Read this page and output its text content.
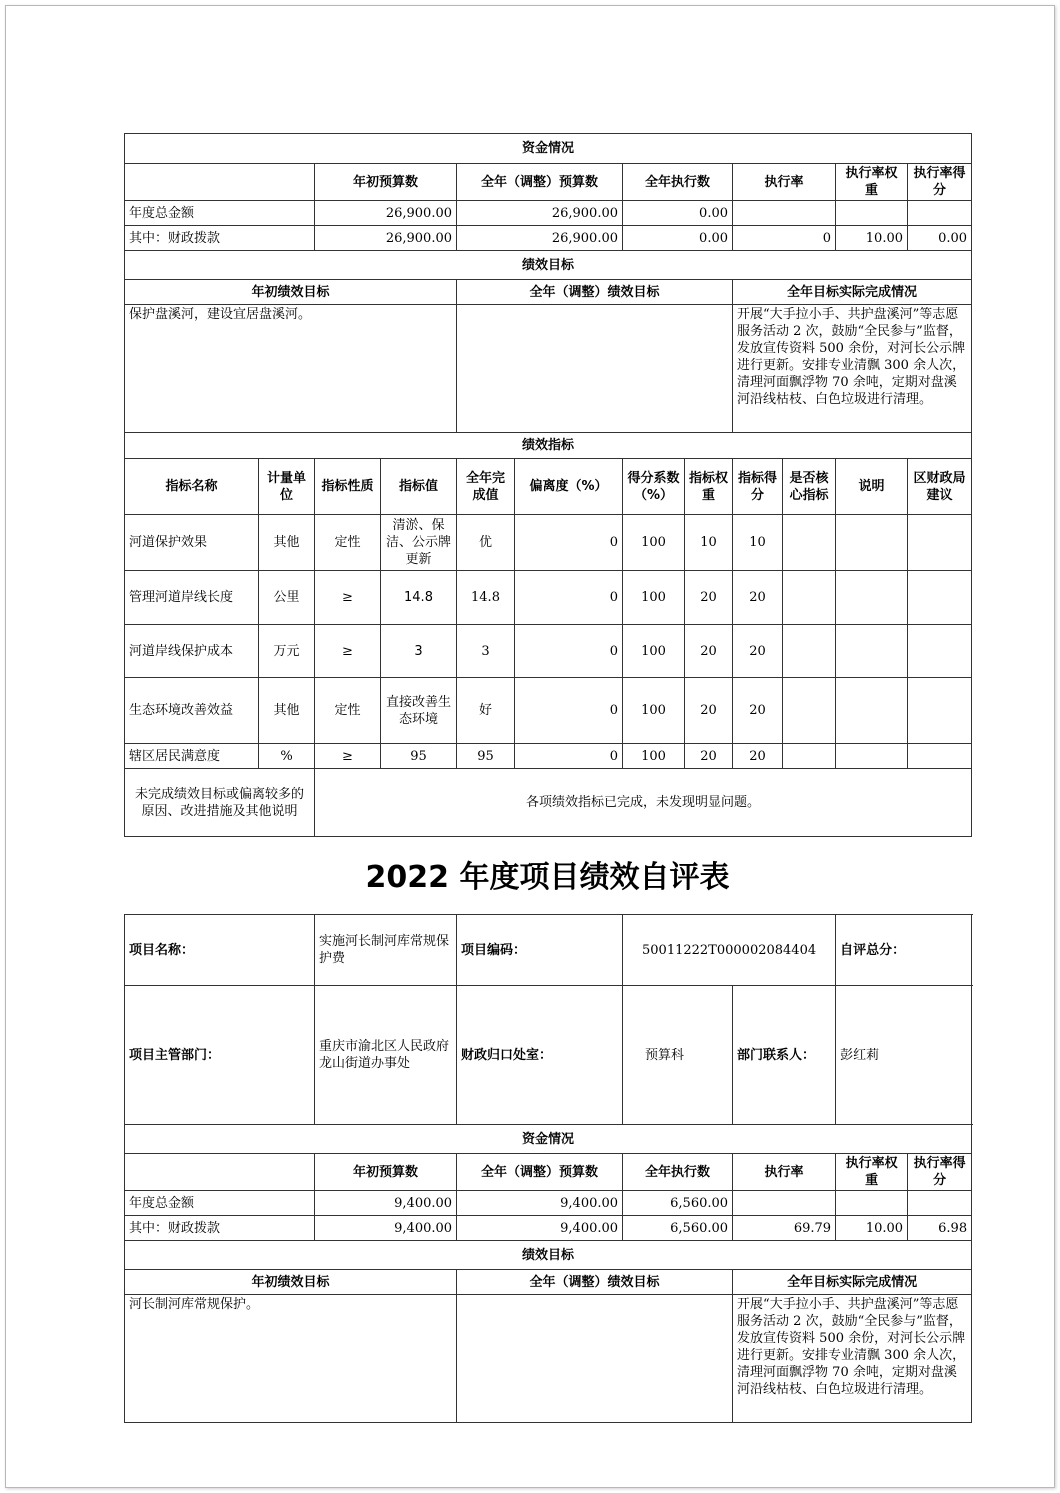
资金情况											
		年初预算数		全年（调整）预算数		全年执行数		执行率		执行率权重	执行率得分
年度总金额		26,900.00		26,900.00		0.00					
其中：财政拨款		26,900.00		26,900.00		0.00		0		10.00	0.00
绩效目标											
年初绩效目标				全年（调整）绩效目标				全年目标实际完成情况			
保护盘溪河，建设宜居盘溪河。								开展“大手拉小手、共护盘溪河”等志愿服务活动 2 次，鼓励“全民参与”监督，发放宣传资料 500 余份，对河长公示牌进行更新。安排专业清飘 300 余人次，清理河面飘浮物 70 余吨，定期对盘溪河沿线枯枝、白色垃圾进行清理。			
绩效指标											
指标名称	计量单位	指标性质	指标值	全年完成值	偏离度（%）	得分系数（%）	指标权重	指标得分	是否核心指标	说明	区财政局建议
河道保护效果	其他	定性	清淤、保洁、公示牌更新	优	0	100	10	10			
管理河道岸线长度	公里	≥	14.8	14.8	0	100	20	20			
河道岸线保护成本	万元	≥	3	3	0	100	20	20			
生态环境改善效益	其他	定性	直接改善生态环境	好	0	100	20	20			
辖区居民满意度	%	≥	95	95	0	100	20	20			
未完成绩效目标或偏离较多的原因、改进措施及其他说明		各项绩效指标已完成，未发现明显问题。									
2022 年度项目绩效自评表
项目名称：	实施河长制河库常规保护费	项目编码：	50011222T000002084404		自评总分：	
项目主管部门：	重庆市渝北区人民政府龙山街道办事处	财政归口处室：	预算科	部门联系人：	彭红莉		
资金情况							
	年初预算数	全年（调整）预算数	全年执行数	执行率	执行率权重	执行率得分	
年度总金额	9,400.00	9,400.00	6,560.00				
其中：财政拨款	9,400.00	9,400.00	6,560.00	69.79	10.00	6.98	
绩效目标							
年初绩效目标		全年（调整）绩效目标		全年目标实际完成情况			
河长制河库常规保护。				开展“大手拉小手、共护盘溪河”等志愿服务活动 2 次，鼓励“全民参与”监督，发放宣传资料 500 余份，对河长公示牌进行更新。安排专业清飘 300 余人次，清理河面飘浮物 70 余吨，定期对盘溪河沿线枯枝、白色垃圾进行清理。			
